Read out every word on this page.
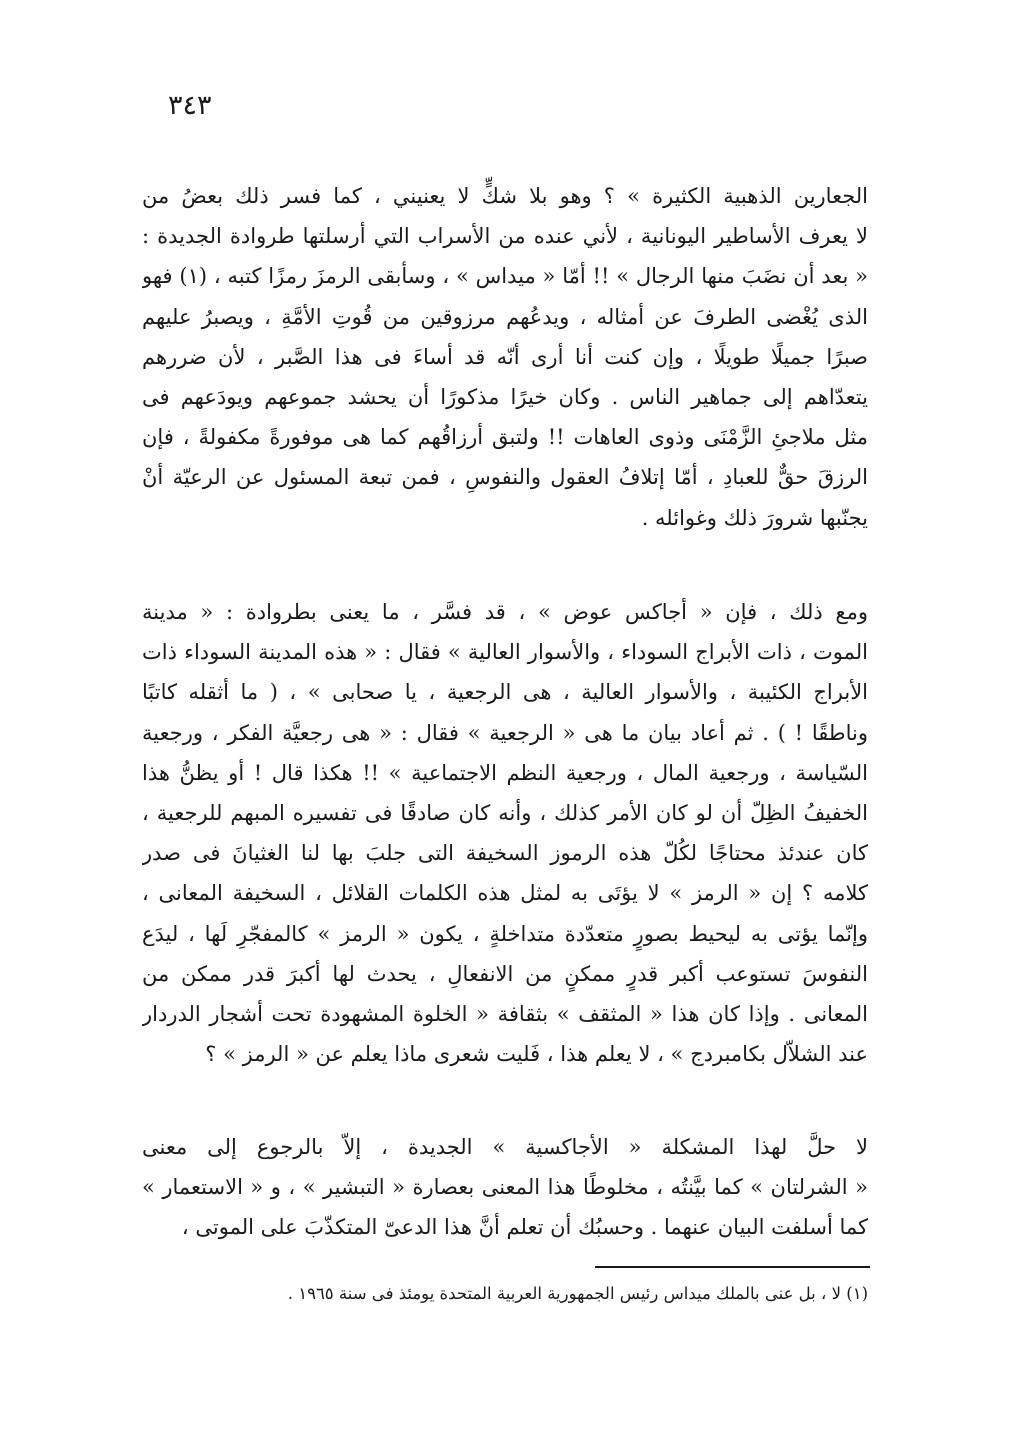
٣٤٣
الجعارين الذهبية الكثيرة » ؟ وهو بلا شكٍّ لا يعنيني ، كما فسر ذلك بعضُ من
لا يعرف الأساطير اليونانية ، لأني عنده من الأسراب التي أرسلتها طروادة الجديدة :
« بعد أن نضَبَ منها الرجال » !! أمّا « ميداس » ، وسأبقى الرمزَ رمزًا كتبه ، (١) فهو
الذى يُغْضى الطرفَ عن أمثاله ، ويدعُهم مرزوقين من قُوتِ الأمَّةِ ، ويصبرُ عليهم
صبرًا جميلًا طويلًا ، وإن كنت أنا أرى أنّه قد أساءَ فى هذا الصَّبر ، لأن ضررهم
يتعدّاهم إلى جماهير الناس . وكان خيرًا مذكورًا أن يحشد جموعهم ويودَعهم فى
مثل ملاجئِ الزَّمْنَى وذوى العاهات !! ولتبق أرزاقُهم كما هى موفورةً مكفولةً ، فإن
الرزقَ حقٌّ للعبادِ ، أمّا إتلافُ العقول والنفوسِ ، فمن تبعة المسئول عن الرعيّة أنْ
يجنّبها شرورَ ذلك وغوائله .
ومع ذلك ، فإن « أجاكس عوض » ، قد فسَّر ، ما يعنى بطروادة : « مدينة
الموت ، ذات الأبراج السوداء ، والأسوار العالية » فقال : « هذه المدينة السوداء ذات
الأبراج الكئيبة ، والأسوار العالية ، هى الرجعية ، يا صحابى » ، ( ما أثقله كاتبًا
وناطقًا ! ) . ثم أعاد بيان ما هى « الرجعية » فقال : « هى رجعيَّة الفكر ، ورجعية
السّياسة ، ورجعية المال ، ورجعية النظم الاجتماعية » !! هكذا قال ! أو يظنُّ هذا
الخفيفُ الظِلّ أن لو كان الأمر كذلك ، وأنه كان صادقًا فى تفسيره المبهم للرجعية ،
كان عندئذ محتاجًا لكُلّ هذه الرموز السخيفة التى جلبَ بها لنا الغثيانَ فى صدر
كلامه ؟ إن « الرمز » لا يؤتَى به لمثل هذه الكلمات القلائل ، السخيفة المعانى ،
وإنّما يؤتى به ليحيط بصورٍ متعدّدة متداخلةٍ ، يكون « الرمز » كالمفجّرِ لَها ، ليدَع
النفوسَ تستوعب أكبر قدرٍ ممكنٍ من الانفعالِ ، يحدث لها أكبرَ قدر ممكن من
المعانى . وإذا كان هذا « المثقف » بثقافة « الخلوة المشهودة تحت أشجار الدردار
عند الشلاّل بكامبردج » ، لا يعلم هذا ، فَليت شعرى ماذا يعلم عن « الرمز » ؟
لا حلَّ لهذا المشكلة « الأجاكسية » الجديدة ، إلاّ بالرجوع إلى معنى
« الشرلتان » كما بيَّنتُه ، مخلوطًا هذا المعنى بعصارة « التبشير » ، و « الاستعمار »
كما أسلفت البيان عنهما . وحسبُك أن تعلم أنَّ هذا الدعىّ المتكذّبَ على الموتى ،
(١) لا ، بل عنى بالملك ميداس رئيس الجمهورية العربية المتحدة يومئذ فى سنة ١٩٦٥ .
